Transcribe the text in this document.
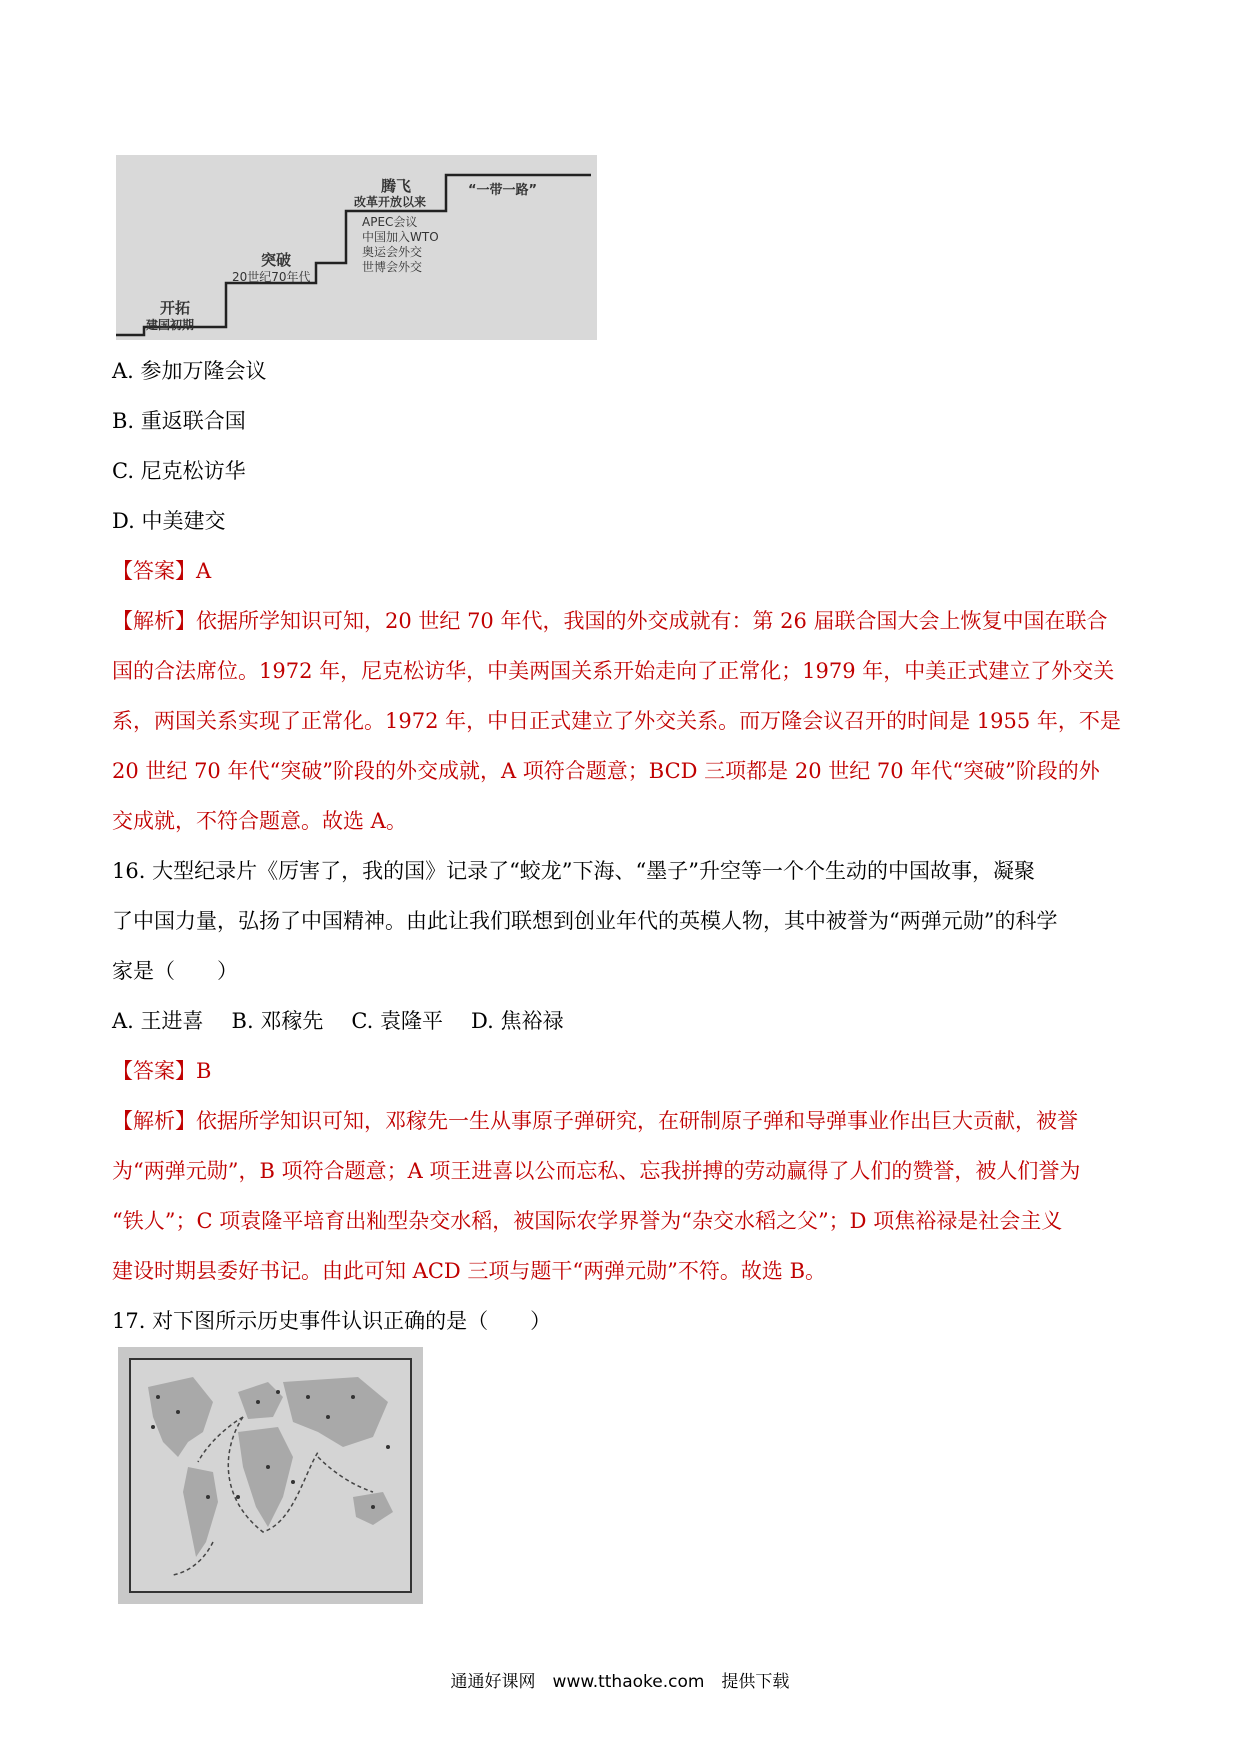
开拓
建国初期
突破
20世纪70年代
腾飞
改革开放以来
APEC会议
中国加入WTO
奥运会外交
世博会外交
“一带一路”
A. 参加万隆会议
B. 重返联合国
C. 尼克松访华
D. 中美建交
【答案】A
【解析】依据所学知识可知，20 世纪 70 年代，我国的外交成就有：第 26 届联合国大会上恢复中国在联合
国的合法席位。1972 年，尼克松访华，中美两国关系开始走向了正常化；1979 年，中美正式建立了外交关
系，两国关系实现了正常化。1972 年，中日正式建立了外交关系。而万隆会议召开的时间是 1955 年，不是
20 世纪 70 年代“突破”阶段的外交成就，A 项符合题意；BCD 三项都是 20 世纪 70 年代“突破”阶段的外
交成就，不符合题意。故选 A。
16. 大型纪录片《厉害了，我的国》记录了“蛟龙”下海、“墨子”升空等一个个生动的中国故事，凝聚
了中国力量，弘扬了中国精神。由此让我们联想到创业年代的英模人物，其中被誉为“两弹元勋”的科学
家是（　　）
A. 王进喜 B. 邓稼先 C. 袁隆平 D. 焦裕禄
【答案】B
【解析】依据所学知识可知，邓稼先一生从事原子弹研究，在研制原子弹和导弹事业作出巨大贡献，被誉
为“两弹元勋”，B 项符合题意；A 项王进喜以公而忘私、忘我拼搏的劳动赢得了人们的赞誉，被人们誉为
“铁人”；C 项袁隆平培育出籼型杂交水稻，被国际农学界誉为“杂交水稻之父”；D 项焦裕禄是社会主义
建设时期县委好书记。由此可知 ACD 三项与题干“两弹元勋”不符。故选 B。
17. 对下图所示历史事件认识正确的是（　　）
通通好课网　www.tthaoke.com　提供下载
